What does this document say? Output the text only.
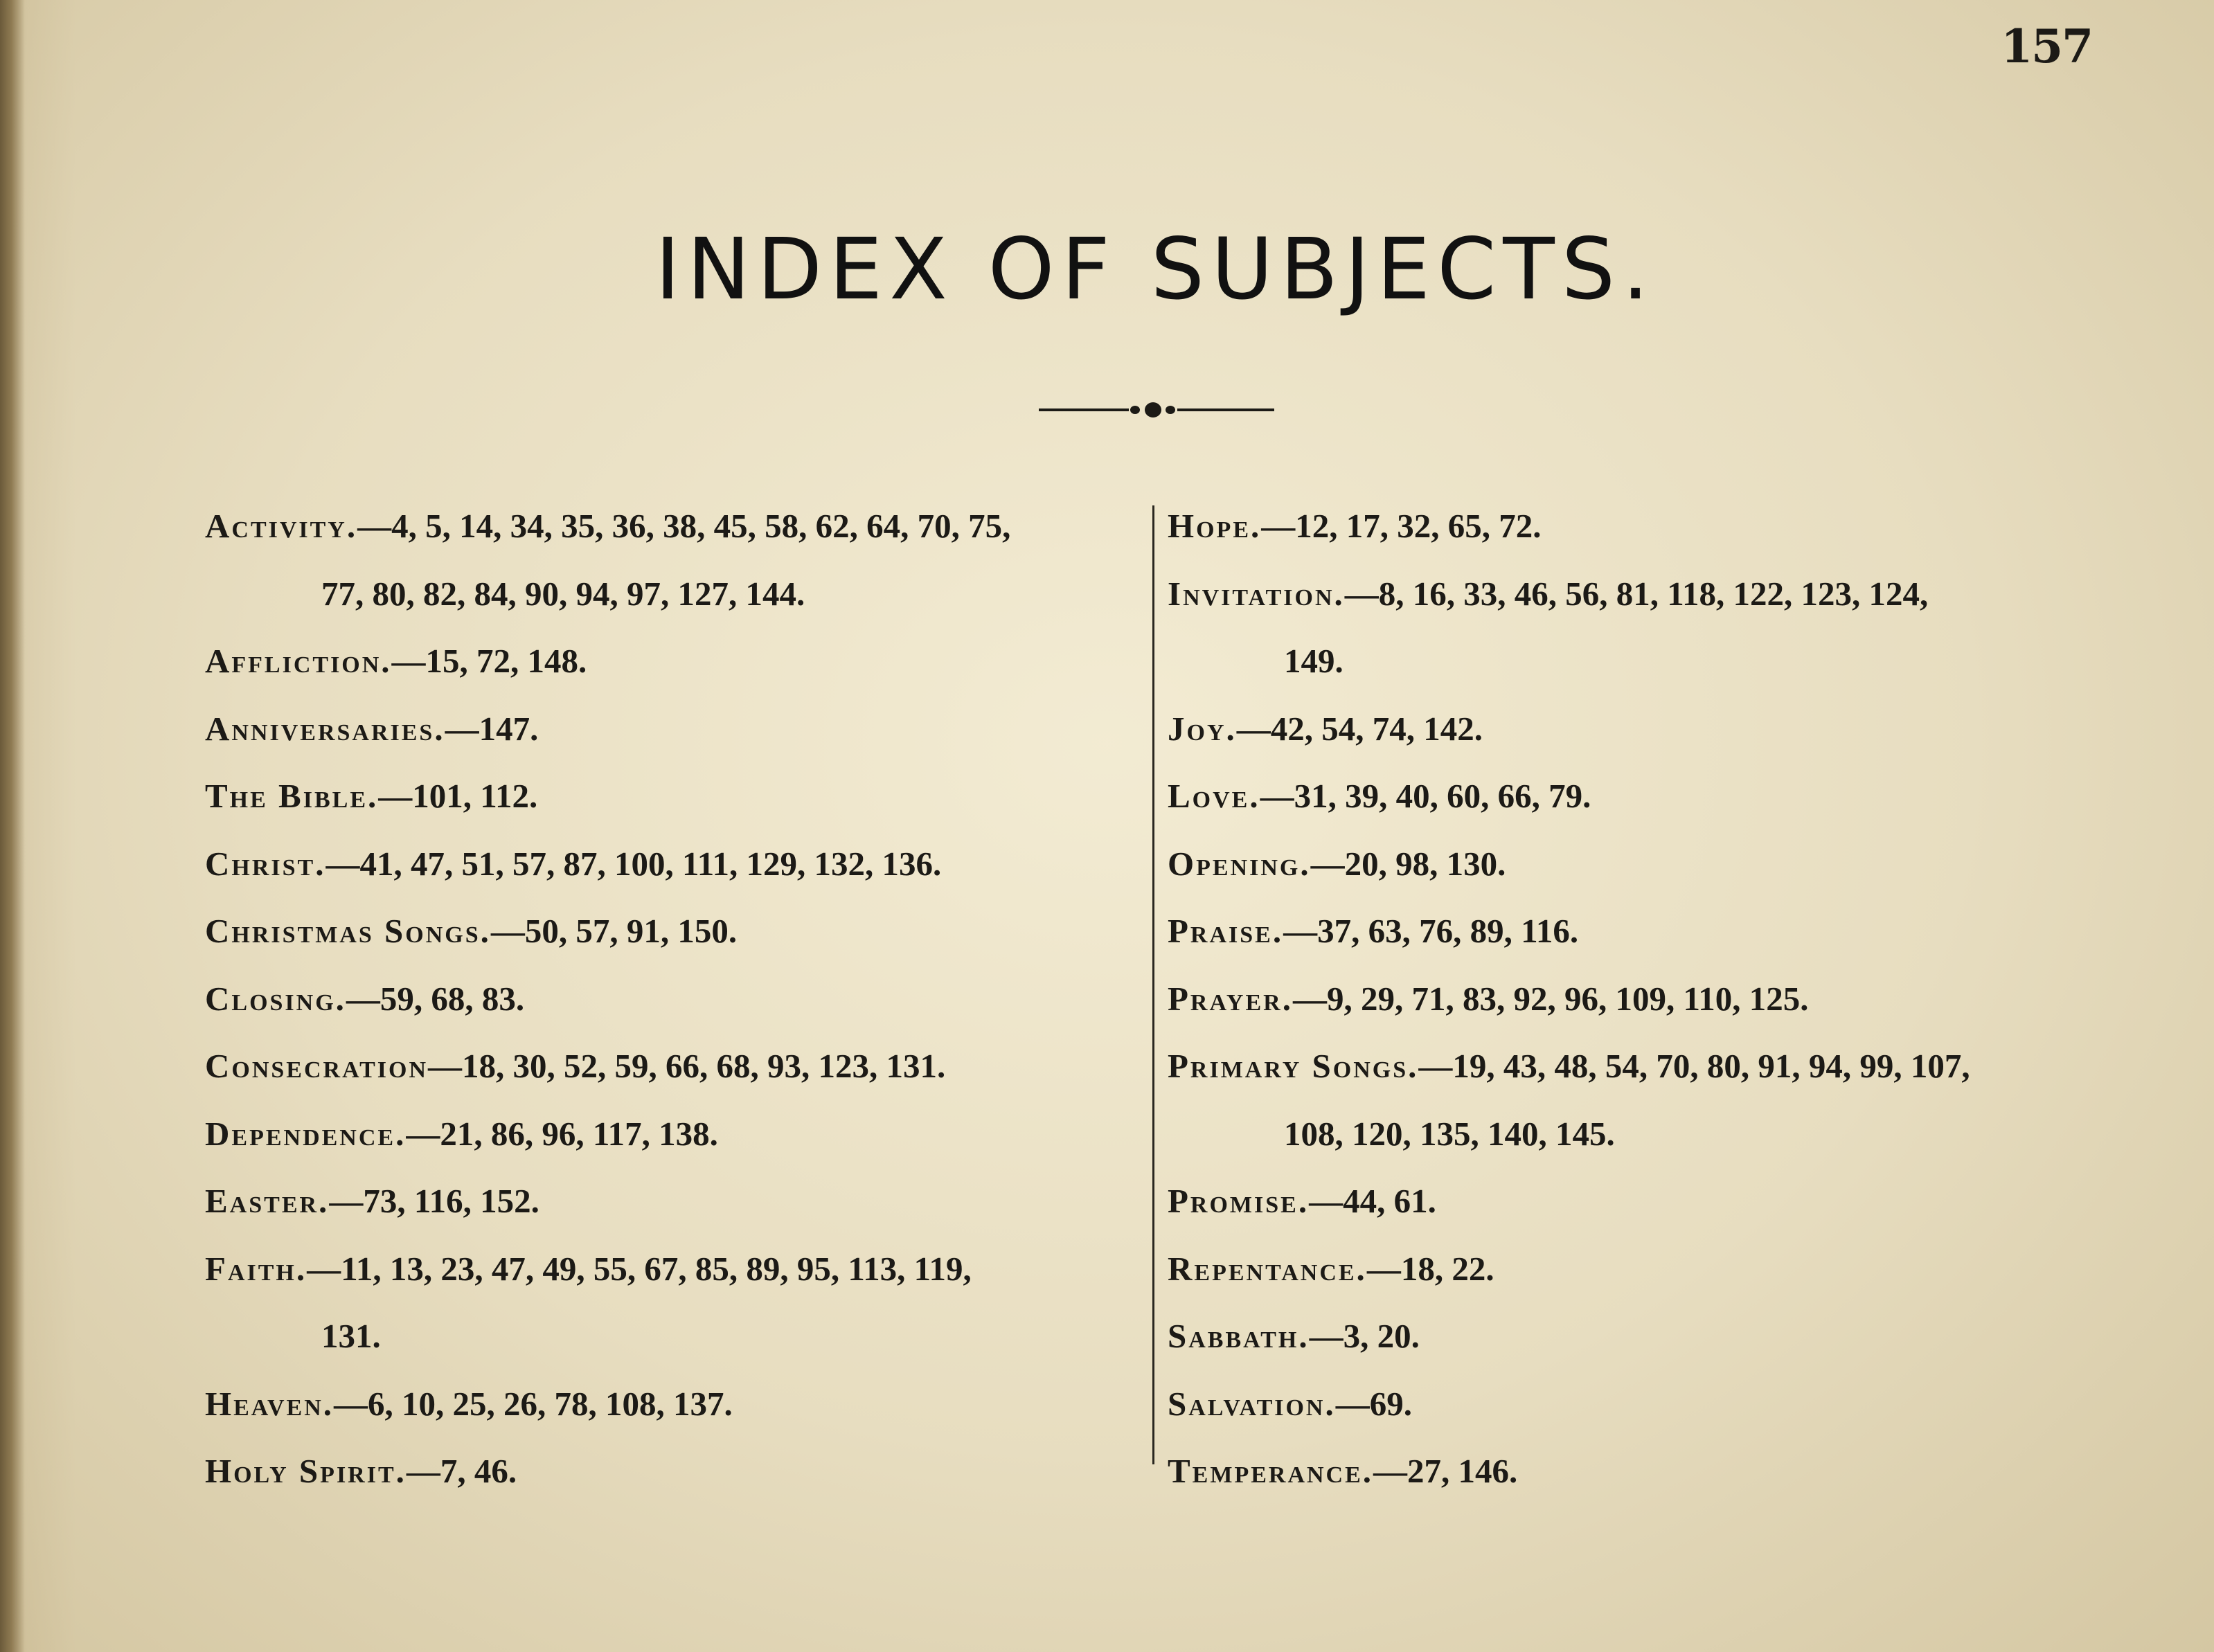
157
INDEX OF SUBJECTS.
Activity.—4, 5, 14, 34, 35, 36, 38, 45, 58, 62, 64, 70, 75,
77, 80, 82, 84, 90, 94, 97, 127, 144.
Affliction.—15, 72, 148.
Anniversaries.—147.
The Bible.—101, 112.
Christ.—41, 47, 51, 57, 87, 100, 111, 129, 132, 136.
Christmas Songs.—50, 57, 91, 150.
Closing.—59, 68, 83.
Consecration—18, 30, 52, 59, 66, 68, 93, 123, 131.
Dependence.—21, 86, 96, 117, 138.
Easter.—73, 116, 152.
Faith.—11, 13, 23, 47, 49, 55, 67, 85, 89, 95, 113, 119,
131.
Heaven.—6, 10, 25, 26, 78, 108, 137.
Holy Spirit.—7, 46.
Hope.—12, 17, 32, 65, 72.
Invitation.—8, 16, 33, 46, 56, 81, 118, 122, 123, 124,
149.
Joy.—42, 54, 74, 142.
Love.—31, 39, 40, 60, 66, 79.
Opening.—20, 98, 130.
Praise.—37, 63, 76, 89, 116.
Prayer.—9, 29, 71, 83, 92, 96, 109, 110, 125.
Primary Songs.—19, 43, 48, 54, 70, 80, 91, 94, 99, 107,
108, 120, 135, 140, 145.
Promise.—44, 61.
Repentance.—18, 22.
Sabbath.—3, 20.
Salvation.—69.
Temperance.—27, 146.
